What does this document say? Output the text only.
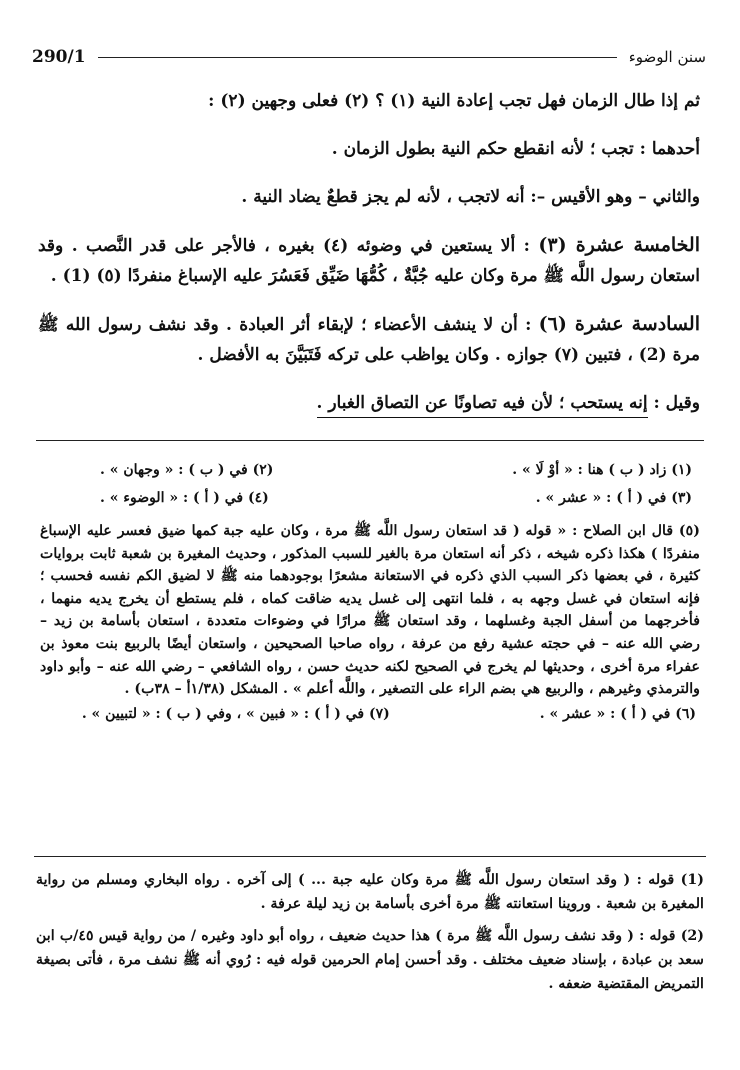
سنن الوضوء
290/1

ثم إذا طال الزمان فهل تجب إعادة النية (١) ؟ (٢) فعلى وجهين (٢) :

أحدهما : تجب ؛ لأنه انقطع حكم النية بطول الزمان .

والثاني – وهو الأقيس –: أنه لاتجب ، لأنه لم يجز قطعٌ يضاد النية .

الخامسة عشرة (٣) : ألا يستعين في وضوئه (٤) بغيره ، فالأجر على قدر النَّصب . وقد استعان رسول اللَّه ﷺ مرة وكان عليه جُبَّةٌ ، كُمُّهَا ضَيِّق فَعَسُرَ عليه الإسباغ منفردًا (٥) (1) .

السادسة عشرة (٦) : أن لا ينشف الأعضاء ؛ لإبقاء أثر العبادة . وقد نشف رسول الله ﷺ مرة (2) ، فتبين (٧) جوازه . وكان يواظب على تركه فَتَبَيَّنَ به الأفضل .

وقيل : إنه يستحب ؛ لأن فيه تصاونًا عن التصاق الغبار .

(١) زاد ( ب ) هنا : « أوْ لَا » .
(٢) في ( ب ) : « وجهان » .
(٣) في ( أ ) : « عشر » .
(٤) في ( أ ) : « الوضوء » .
(٥) قال ابن الصلاح : « قوله ( قد استعان رسول اللَّه ﷺ مرة ، وكان عليه جبة كمها ضيق فعسر عليه الإسباغ منفردًا ) هكذا ذكره شيخه ، ذكر أنه استعان مرة بالغير للسبب المذكور ، وحديث المغيرة بن شعبة ثابت بروايات كثيرة ، في بعضها ذكر السبب الذي ذكره في الاستعانة مشعرًا بوجودهما منه ﷺ لا لضيق الكم نفسه فحسب ؛ فإنه استعان في غسل وجهه به ، فلما انتهى إلى غسل يديه ضاقت كماه ، فلم يستطع أن يخرج يديه منهما ، فأخرجهما من أسفل الجبة وغسلهما ، وقد استعان ﷺ مرارًا في وضوءات متعددة ، استعان بأسامة بن زيد – رضي الله عنه – في حجته عشية رفع من عرفة ، رواه صاحبا الصحيحين ، واستعان أيضًا بالربيع بنت معوذ بن عفراء مرة أخرى ، وحديثها لم يخرج في الصحيح لكنه حديث حسن ، رواه الشافعي – رضي الله عنه – وأبو داود والترمذي وغيرهم ، والربيع هي بضم الراء على التصغير ، واللَّه أعلم » . المشكل (١/٣٨أ – ٣٨ب) .
(٦) في ( أ ) : « عشر » .
(٧) في ( أ ) : « فبين » ، وفي ( ب ) : « لتبيين » .

(1) قوله : ( وقد استعان رسول اللَّه ﷺ مرة وكان عليه جبة ... ) إلى آخره . رواه البخاري ومسلم من رواية المغيرة بن شعبة . وروينا استعانته ﷺ مرة أخرى بأسامة بن زيد ليلة عرفة .

(2) قوله : ( وقد نشف رسول اللَّه ﷺ مرة ) هذا حديث ضعيف ، رواه أبو داود وغيره / من رواية قيس ٤٥/ب ابن سعد بن عبادة ، بإسناد ضعيف مختلف . وقد أحسن إمام الحرمين قوله فيه : رُوي أنه ﷺ نشف مرة ، فأتى بصيغة التمريض المقتضية ضعفه .
